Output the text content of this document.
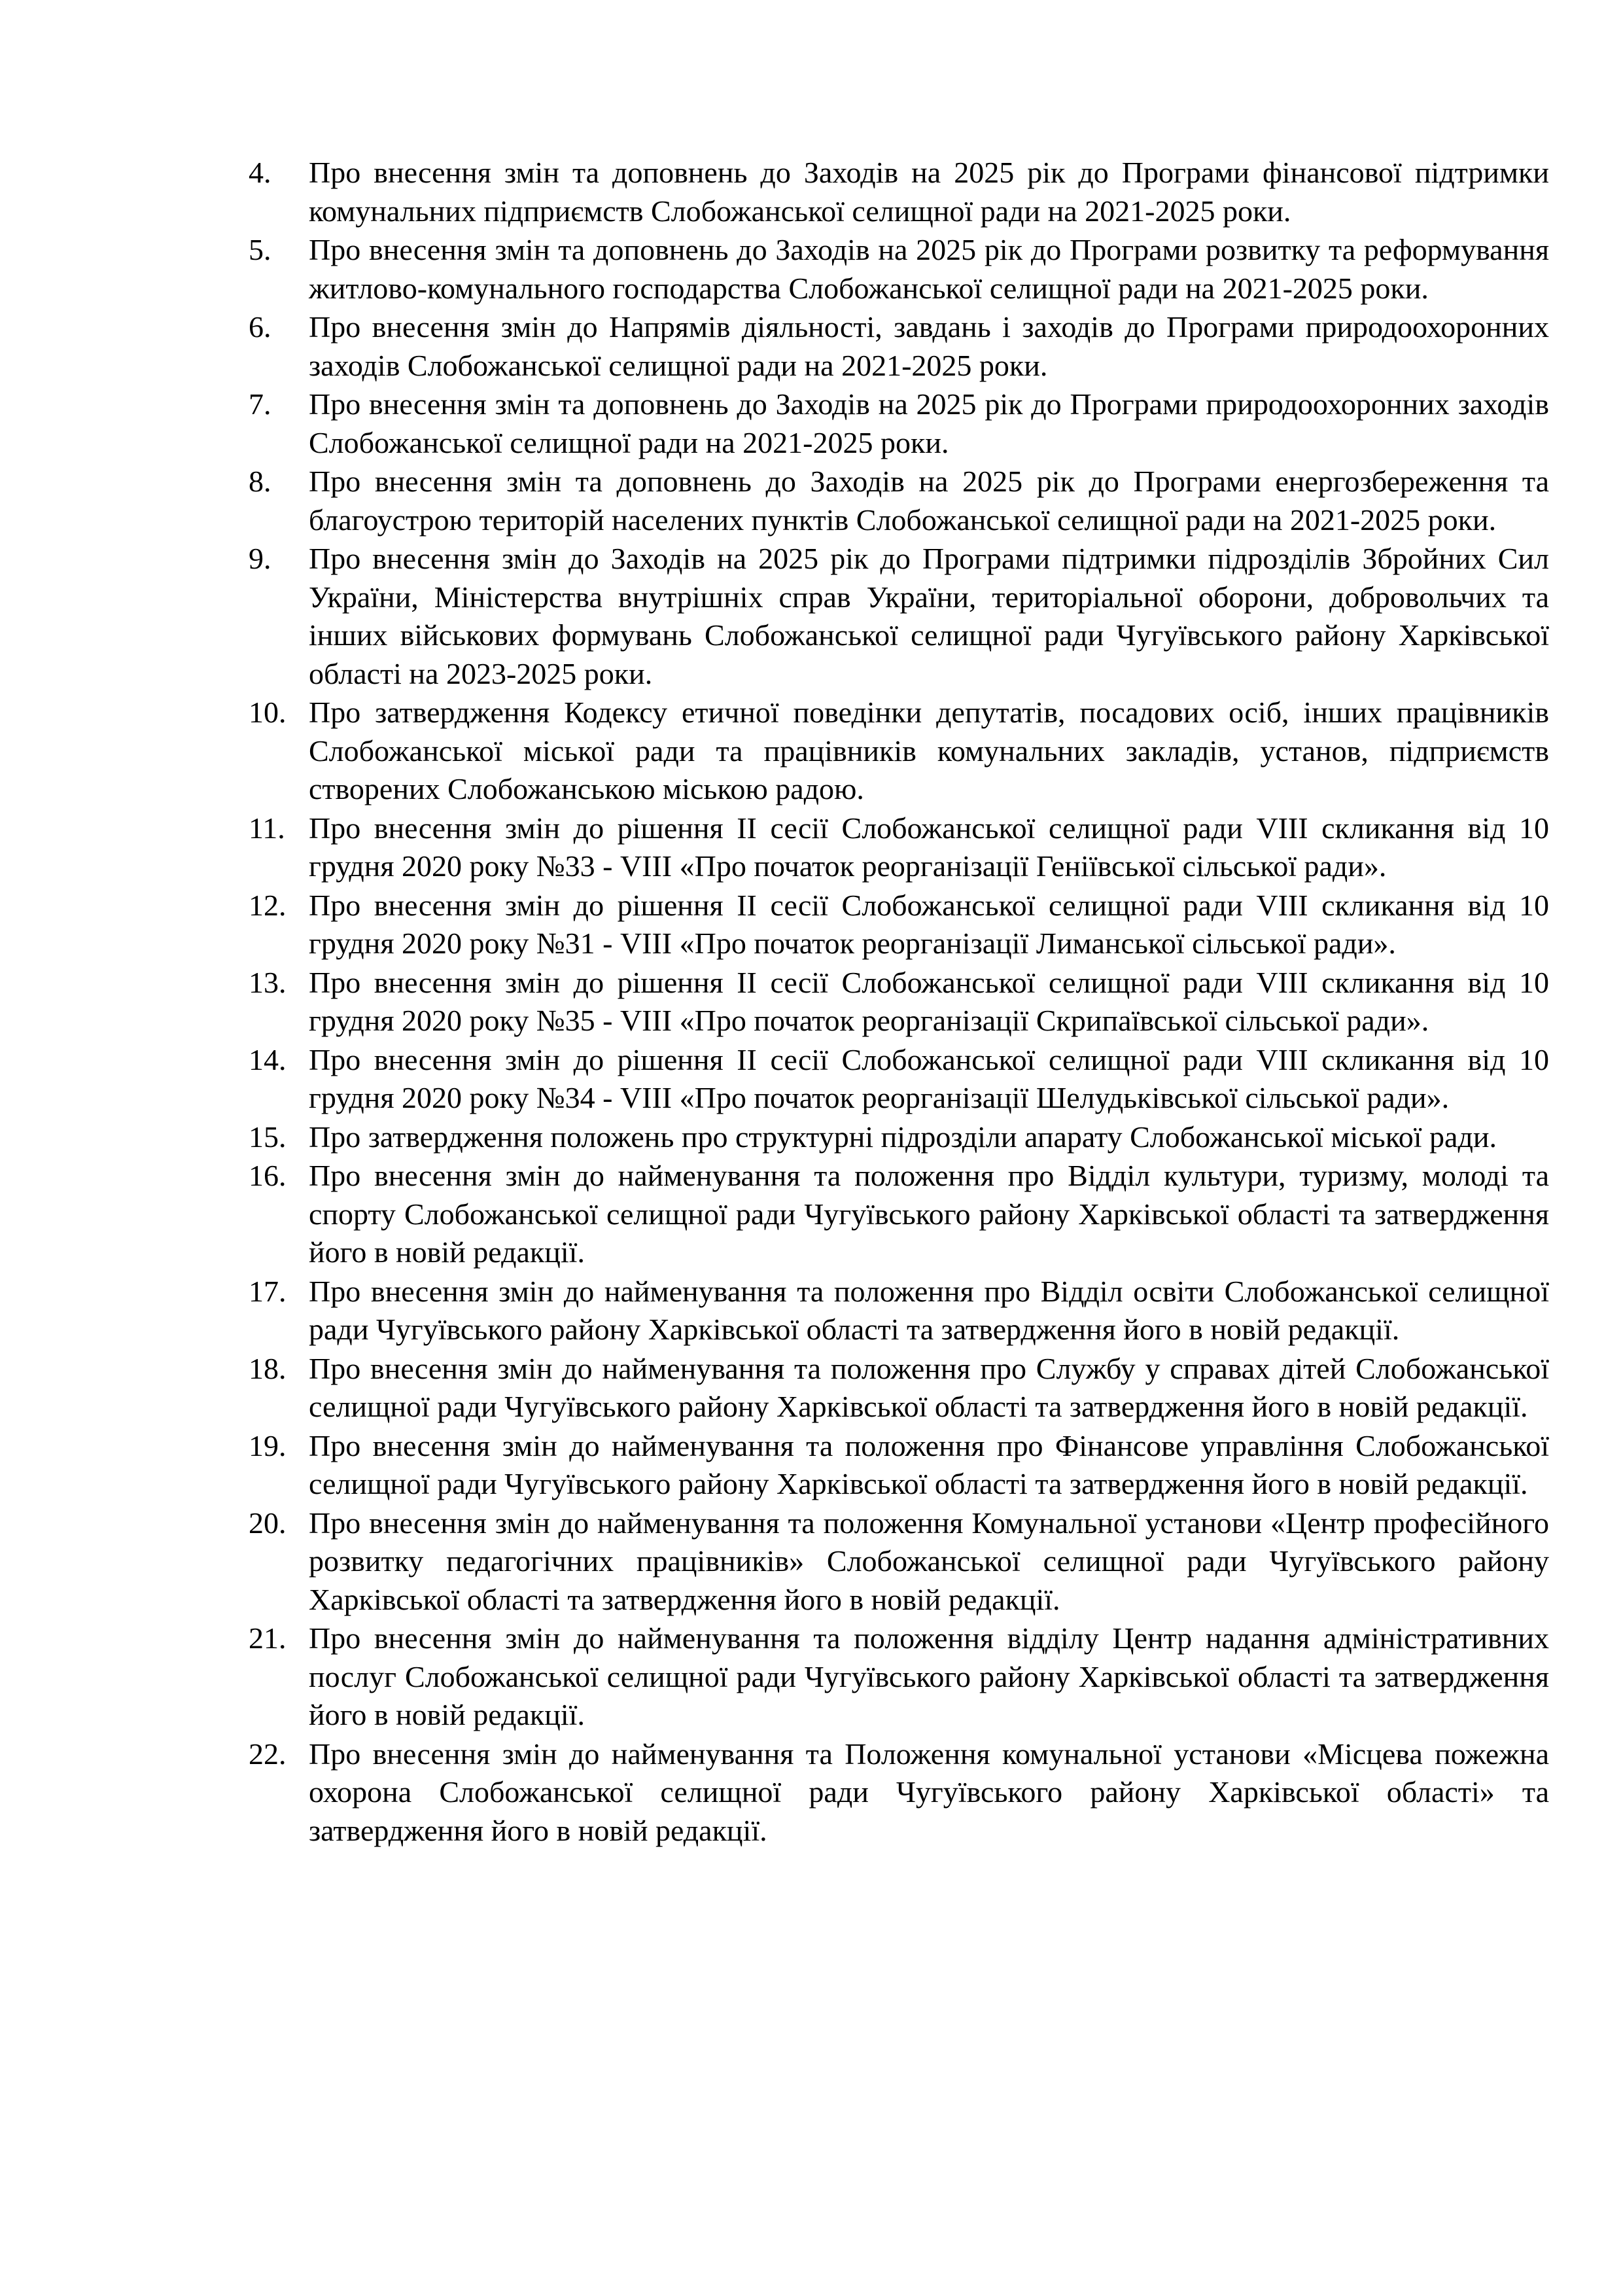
4.	Про внесення змін та доповнень до Заходів на 2025 рік до Програми фінансової підтримки комунальних підприємств Слобожанської селищної ради на 2021-2025 роки.
5.	Про внесення змін та доповнень до Заходів на 2025 рік до Програми розвитку та реформування житлово-комунального господарства Слобожанської селищної ради на 2021-2025 роки.
6.	Про внесення змін до Напрямів діяльності, завдань і заходів до Програми природоохоронних заходів Слобожанської селищної ради на 2021-2025 роки.
7.	Про внесення змін та доповнень до Заходів на 2025 рік до Програми природоохоронних заходів Слобожанської селищної ради на 2021-2025 роки.
8.	Про внесення змін та доповнень до Заходів на 2025 рік до Програми енергозбереження та благоустрою територій населених пунктів Слобожанської селищної ради на 2021-2025 роки.
9.	Про внесення змін до Заходів на 2025 рік до Програми підтримки підрозділів Збройних Сил України, Міністерства внутрішніх справ України, територіальної оборони, добровольчих та інших військових формувань Слобожанської селищної ради Чугуївського району Харківської області на 2023-2025 роки.
10. Про затвердження Кодексу етичної поведінки депутатів, посадових осіб, інших працівників Слобожанської міської ради та працівників комунальних закладів, установ, підприємств створених Слобожанською міською радою.
11. Про внесення змін до рішення ІІ сесії Слобожанської селищної ради VIII скликання від 10 грудня 2020 року №33 - VIII «Про початок реорганізації Геніївської сільської ради».
12. Про внесення змін до рішення ІІ сесії Слобожанської селищної ради VIII скликання від 10 грудня 2020 року №31 - VIII «Про початок реорганізації Лиманської сільської ради».
13. Про внесення змін до рішення ІІ сесії Слобожанської селищної ради VIII скликання від 10 грудня 2020 року №35 - VIII «Про початок реорганізації Скрипаївської сільської ради».
14. Про внесення змін до рішення ІІ сесії Слобожанської селищної ради VIII скликання від 10 грудня 2020 року №34 - VIII «Про початок реорганізації Шелудьківської сільської ради».
15. Про затвердження положень про структурні підрозділи апарату Слобожанської міської ради.
16. Про внесення змін до найменування та положення про Відділ культури, туризму, молоді та спорту Слобожанської селищної ради Чугуївського району Харківської області та затвердження його в новій редакції.
17. Про внесення змін до найменування та положення про Відділ освіти Слобожанської селищної ради Чугуївського району Харківської області та затвердження його в новій редакції.
18. Про внесення змін до найменування та положення про Службу у справах дітей Слобожанської селищної ради Чугуївського району Харківської області та затвердження його в новій редакції.
19. Про внесення змін до найменування та положення про Фінансове управління Слобожанської селищної ради Чугуївського району Харківської області та затвердження його в новій редакції.
20. Про внесення змін до найменування та положення Комунальної установи «Центр професійного розвитку педагогічних працівників» Слобожанської селищної ради Чугуївського району Харківської області та затвердження його в новій редакції.
21. Про внесення змін до найменування та положення відділу Центр надання адміністративних послуг Слобожанської селищної ради Чугуївського району Харківської області та затвердження його в новій редакції.
22. Про внесення змін до найменування та Положення комунальної установи «Місцева пожежна охорона Слобожанської селищної ради Чугуївського району Харківської області» та затвердження його в новій редакції.
